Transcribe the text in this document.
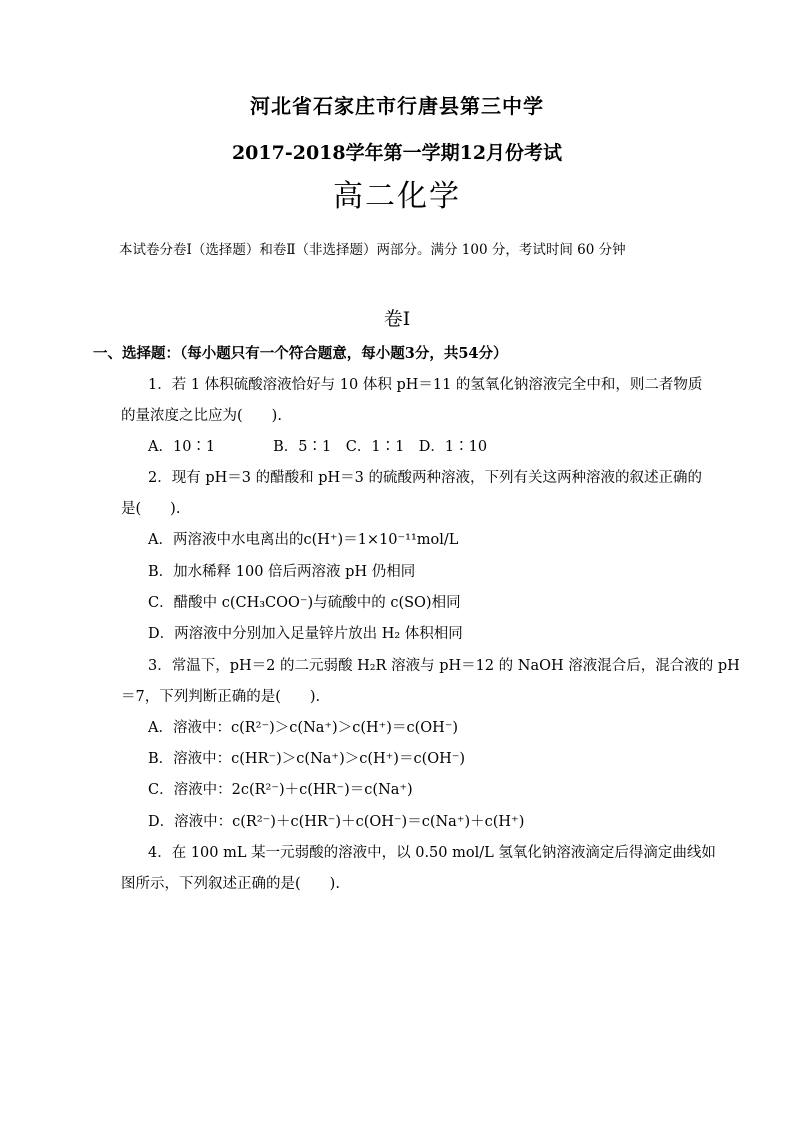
河北省石家庄市行唐县第三中学
2017-2018学年第一学期12月份考试
高二化学
本试卷分卷Ⅰ（选择题）和卷Ⅱ（非选择题）两部分。满分 100 分，考试时间 60 分钟
卷Ⅰ
一、选择题：（每小题只有一个符合题意，每小题3分，共54分）
1．若 1 体积硫酸溶液恰好与 10 体积 pH＝11 的氢氧化钠溶液完全中和，则二者物质
的量浓度之比应为(　　).
A．10∶1　　　　B．5∶1　C．1∶1　D．1∶10
2．现有 pH＝3 的醋酸和 pH＝3 的硫酸两种溶液，下列有关这两种溶液的叙述正确的
是(　　).
A．两溶液中水电离出的c(H⁺)＝1×10⁻¹¹mol/L
B．加水稀释 100 倍后两溶液 pH 仍相同
C．醋酸中 c(CH₃COO⁻)与硫酸中的 c(SO)相同
D．两溶液中分别加入足量锌片放出 H₂ 体积相同
3．常温下，pH＝2 的二元弱酸 H₂R 溶液与 pH＝12 的 NaOH 溶液混合后，混合液的 pH
＝7，下列判断正确的是(　　).
A．溶液中：c(R²⁻)＞c(Na⁺)＞c(H⁺)＝c(OH⁻)
B．溶液中：c(HR⁻)＞c(Na⁺)＞c(H⁺)＝c(OH⁻)
C．溶液中：2c(R²⁻)＋c(HR⁻)＝c(Na⁺)
D．溶液中：c(R²⁻)＋c(HR⁻)＋c(OH⁻)＝c(Na⁺)＋c(H⁺)
4．在 100 mL 某一元弱酸的溶液中，以 0.50 mol/L 氢氧化钠溶液滴定后得滴定曲线如
图所示，下列叙述正确的是(　　).
